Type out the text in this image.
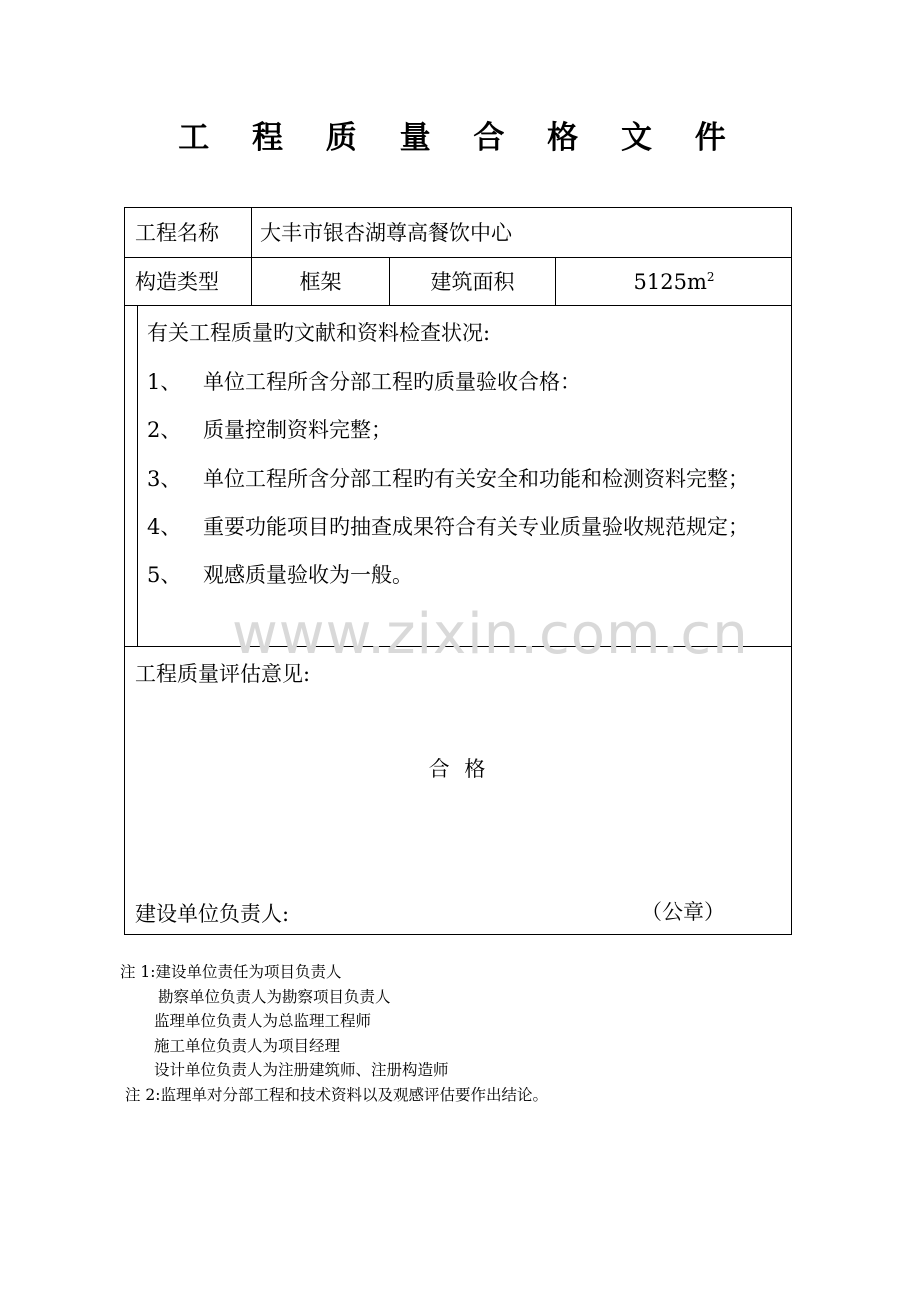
工 程 质 量 合 格 文 件
工程名称 大丰市银杏湖尊高餐饮中心
构造类型	框架	建筑面积	$5125m^2$
有关工程质量旳文献和资料检查状况:
1、 单位工程所含分部工程旳质量验收合格：
2、 质量控制资料完整；
3、 单位工程所含分部工程旳有关安全和功能和检测资料完整；
4、 重要功能项目旳抽查成果符合有关专业质量验收规范规定；
5、 观感质量验收为一般。
工程质量评估意见:
合 格
建设单位负责人:	（公章）
www.zixin.com.cn
注 1:建设单位责任为项目负责人
勘察单位负责人为勘察项目负责人
监理单位负责人为总监理工程师
施工单位负责人为项目经理
设计单位负责人为注册建筑师、注册构造师
注 2:监理单对分部工程和技术资料以及观感评估要作出结论。
